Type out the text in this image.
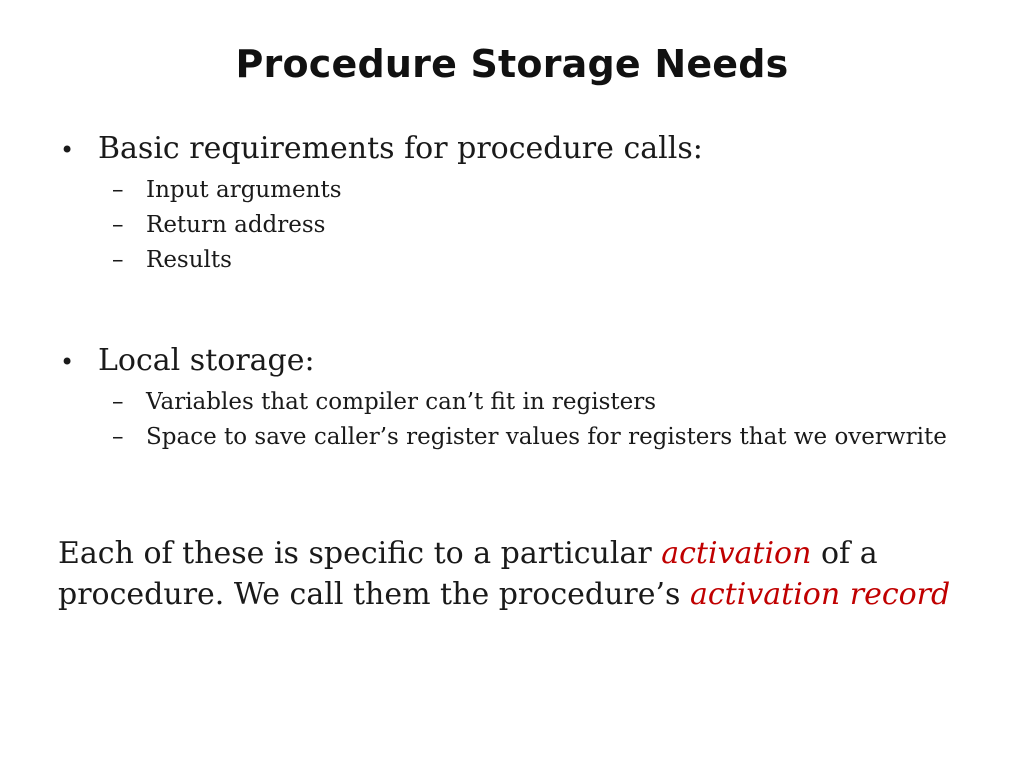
Procedure Storage Needs
• Basic requirements for procedure calls:
– Input arguments
– Return address
– Results
• Local storage:
– Variables that compiler can’t fit in registers
– Space to save caller’s register values for registers that we overwrite
Each of these is specific to a particular activation of a procedure. We call them the procedure’s activation record
